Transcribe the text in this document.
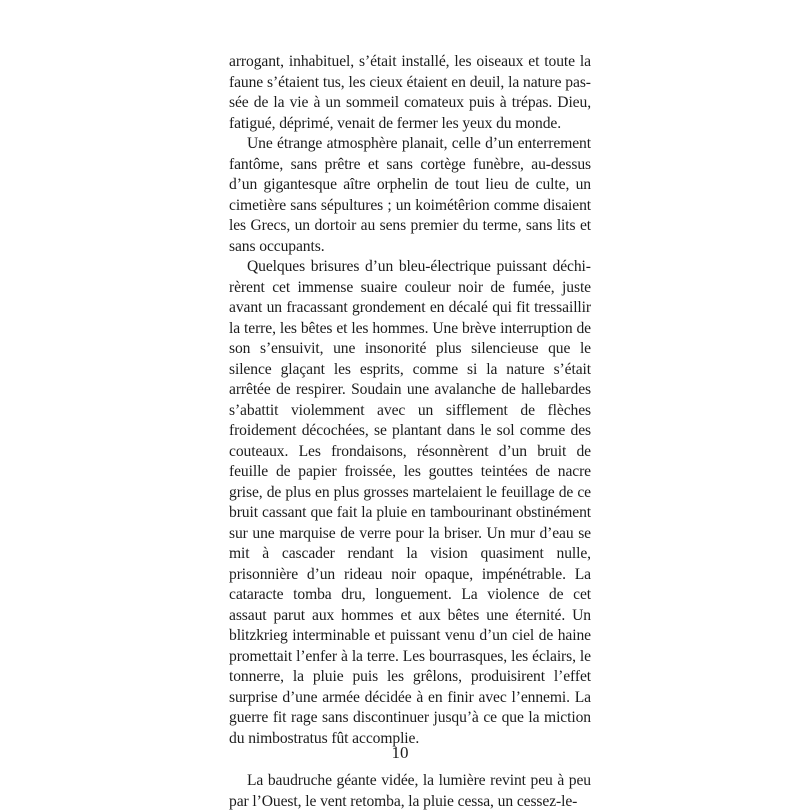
arrogant, inhabituel, s’était installé, les oiseaux et toute la faune s’étaient tus, les cieux étaient en deuil, la nature passée de la vie à un sommeil comateux puis à trépas. Dieu, fatigué, déprimé, venait de fermer les yeux du monde.

Une étrange atmosphère planait, celle d’un enterrement fantôme, sans prêtre et sans cortège funèbre, au-dessus d’un gigantesque aître orphelin de tout lieu de culte, un cimetière sans sépultures ; un koimétêrion comme disaient les Grecs, un dortoir au sens premier du terme, sans lits et sans occupants.

Quelques brisures d’un bleu-électrique puissant déchirèrent cet immense suaire couleur noir de fumée, juste avant un fracassant grondement en décalé qui fit tressaillir la terre, les bêtes et les hommes. Une brève interruption de son s’ensuivit, une insonorité plus silencieuse que le silence glaçant les esprits, comme si la nature s’était arrêtée de respirer. Soudain une avalanche de hallebardes s’abattit violemment avec un sifflement de flèches froidement décochées, se plantant dans le sol comme des couteaux. Les frondaisons, résonnèrent d’un bruit de feuille de papier froissée, les gouttes teintées de nacre grise, de plus en plus grosses martelaient le feuillage de ce bruit cassant que fait la pluie en tambourinant obstinément sur une marquise de verre pour la briser. Un mur d’eau se mit à cascader rendant la vision quasiment nulle, prisonnière d’un rideau noir opaque, impénétrable. La cataracte tomba dru, longuement. La violence de cet assaut parut aux hommes et aux bêtes une éternité. Un blitzkrieg interminable et puissant venu d’un ciel de haine promettait l’enfer à la terre. Les bourrasques, les éclairs, le tonnerre, la pluie puis les grêlons, produisirent l’effet surprise d’une armée décidée à en finir avec l’ennemi. La guerre fit rage sans discontinuer jusqu’à ce que la miction du nimbostratus fût accomplie.

La baudruche géante vidée, la lumière revint peu à peu par l’Ouest, le vent retomba, la pluie cessa, un cessez-le-

10
